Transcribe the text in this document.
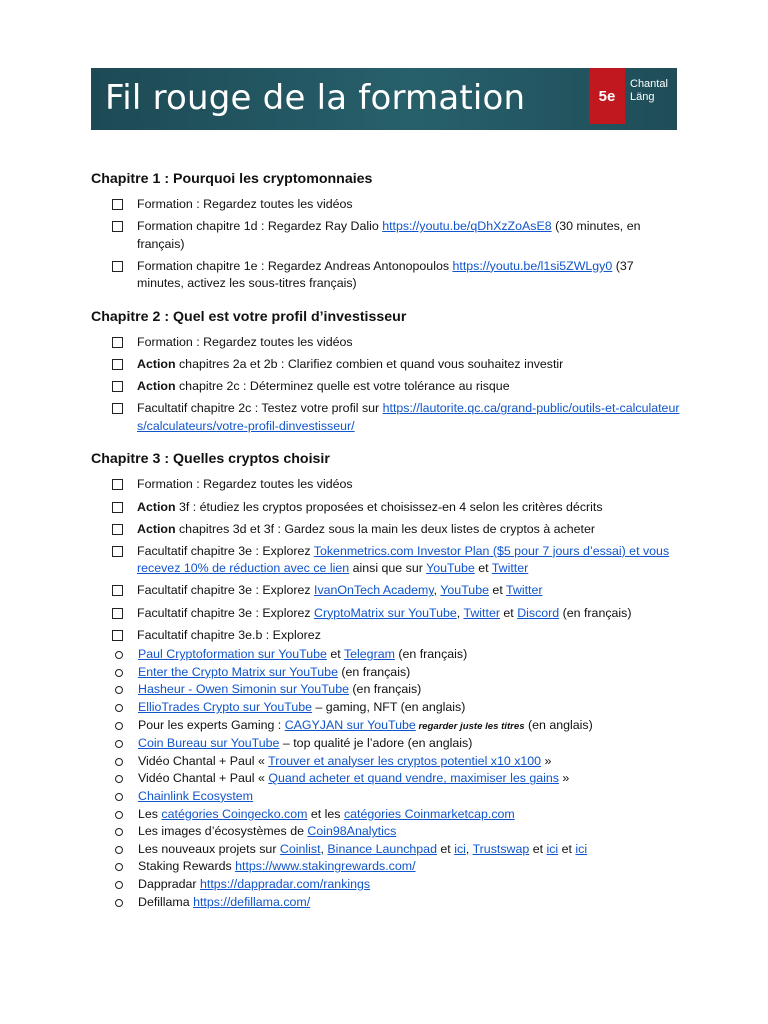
Fil rouge de la formation	5e
Chantal
Läng
Chapitre 1 : Pourquoi les cryptomonnaies
Formation : Regardez toutes les vidéos
Formation chapitre 1d : Regardez Ray Dalio https://youtu.be/qDhXzZoAsE8 (30 minutes, en français)
Formation chapitre 1e : Regardez Andreas Antonopoulos https://youtu.be/l1si5ZWLgy0 (37 minutes, activez les sous-titres français)
Chapitre 2 : Quel est votre profil d’investisseur
Formation : Regardez toutes les vidéos
Action chapitres 2a et 2b : Clarifiez combien et quand vous souhaitez investir
Action chapitre 2c : Déterminez quelle est votre tolérance au risque
Facultatif chapitre 2c : Testez votre profil sur https://lautorite.qc.ca/grand-public/outils-et-calculateurs/calculateurs/votre-profil-dinvestisseur/
Chapitre 3 : Quelles cryptos choisir
Formation : Regardez toutes les vidéos
Action 3f : étudiez les cryptos proposées et choisissez-en 4 selon les critères décrits
Action chapitres 3d et 3f : Gardez sous la main les deux listes de cryptos à acheter
Facultatif chapitre 3e : Explorez Tokenmetrics.com Investor Plan ($5 pour 7 jours d’essai) et vous recevez 10% de réduction avec ce lien ainsi que sur YouTube et Twitter
Facultatif chapitre 3e : Explorez IvanOnTech Academy, YouTube et Twitter
Facultatif chapitre 3e : Explorez CryptoMatrix sur YouTube, Twitter et Discord (en français)
Facultatif chapitre 3e.b : Explorez
Paul Cryptoformation sur YouTube et Telegram (en français)
Enter the Crypto Matrix sur YouTube (en français)
Hasheur - Owen Simonin sur YouTube (en français)
EllioTrades Crypto sur YouTube – gaming, NFT (en anglais)
Pour les experts Gaming : CAGYJAN sur YouTube regarder juste les titres (en anglais)
Coin Bureau sur YouTube – top qualité je l’adore (en anglais)
Vidéo Chantal + Paul « Trouver et analyser les cryptos potentiel x10 x100 »
Vidéo Chantal + Paul « Quand acheter et quand vendre, maximiser les gains »
Chainlink Ecosystem
Les catégories Coingecko.com et les catégories Coinmarketcap.com
Les images d’écosystèmes de Coin98Analytics
Les nouveaux projets sur Coinlist, Binance Launchpad et ici, Trustswap et ici et ici
Staking Rewards https://www.stakingrewards.com/
Dappradar https://dappradar.com/rankings
Defillama https://defillama.com/
